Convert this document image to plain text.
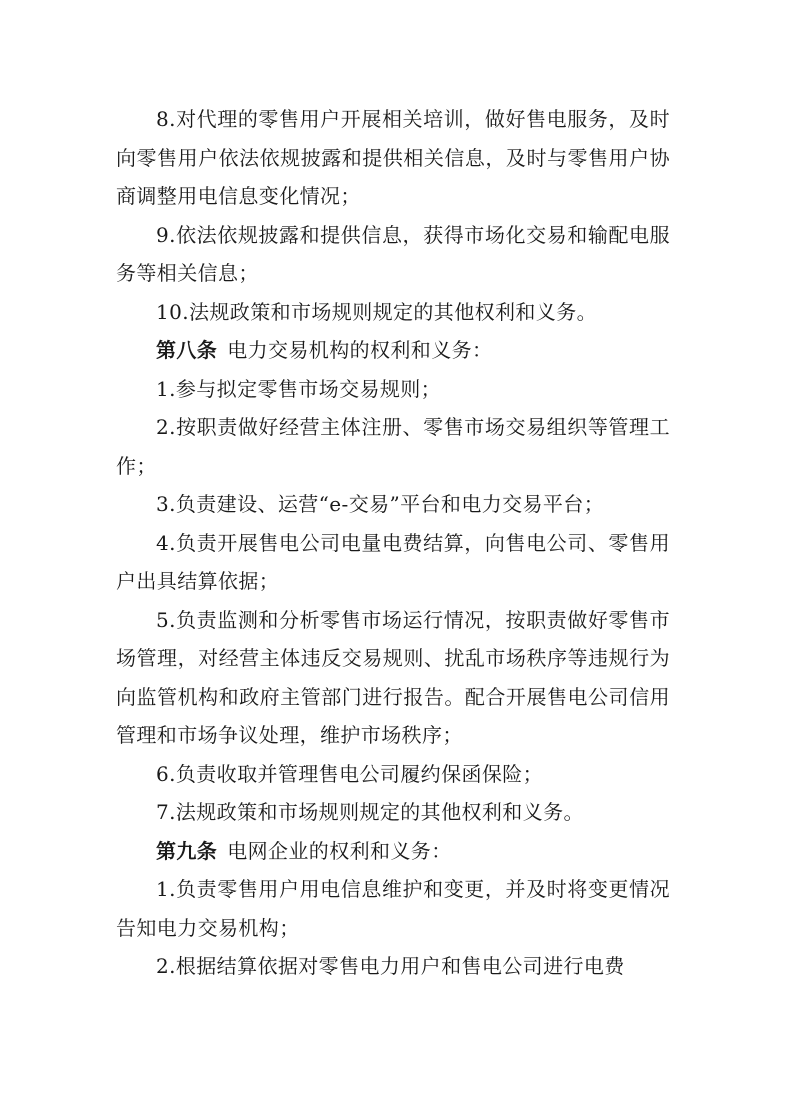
8.对代理的零售用户开展相关培训，做好售电服务，及时向零售用户依法依规披露和提供相关信息，及时与零售用户协商调整用电信息变化情况；

9.依法依规披露和提供信息，获得市场化交易和输配电服务等相关信息；

10.法规政策和市场规则规定的其他权利和义务。

第八条 电力交易机构的权利和义务：

1.参与拟定零售市场交易规则；

2.按职责做好经营主体注册、零售市场交易组织等管理工作；

3.负责建设、运营“e-交易”平台和电力交易平台；

4.负责开展售电公司电量电费结算，向售电公司、零售用户出具结算依据；

5.负责监测和分析零售市场运行情况，按职责做好零售市场管理，对经营主体违反交易规则、扰乱市场秩序等违规行为向监管机构和政府主管部门进行报告。配合开展售电公司信用管理和市场争议处理，维护市场秩序；

6.负责收取并管理售电公司履约保函保险；

7.法规政策和市场规则规定的其他权利和义务。

第九条 电网企业的权利和义务：

1.负责零售用户用电信息维护和变更，并及时将变更情况告知电力交易机构；

2.根据结算依据对零售电力用户和售电公司进行电费
